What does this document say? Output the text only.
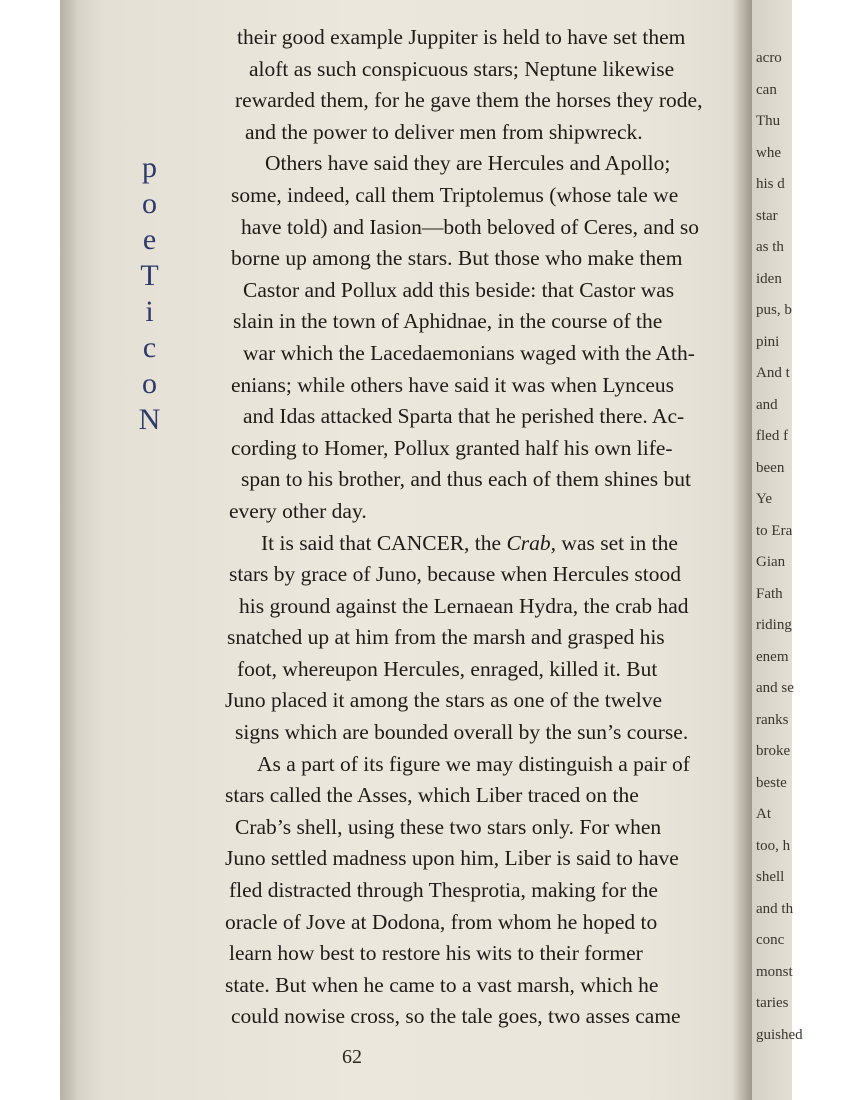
p
o
e
T
i
c
o
N
their good example Juppiter is held to have set them
aloft as such conspicuous stars; Neptune likewise
rewarded them, for he gave them the horses they rode,
and the power to deliver men from shipwreck.
Others have said they are Hercules and Apollo;
some, indeed, call them Triptolemus (whose tale we
have told) and Iasion—both beloved of Ceres, and so
borne up among the stars. But those who make them
Castor and Pollux add this beside: that Castor was
slain in the town of Aphidnae, in the course of the
war which the Lacedaemonians waged with the Ath-
enians; while others have said it was when Lynceus
and Idas attacked Sparta that he perished there. Ac-
cording to Homer, Pollux granted half his own life-
span to his brother, and thus each of them shines but
every other day.
It is said that CANCER, the Crab, was set in the
stars by grace of Juno, because when Hercules stood
his ground against the Lernaean Hydra, the crab had
snatched up at him from the marsh and grasped his
foot, whereupon Hercules, enraged, killed it. But
Juno placed it among the stars as one of the twelve
signs which are bounded overall by the sun’s course.
As a part of its figure we may distinguish a pair of
stars called the Asses, which Liber traced on the
Crab’s shell, using these two stars only. For when
Juno settled madness upon him, Liber is said to have
fled distracted through Thesprotia, making for the
oracle of Jove at Dodona, from whom he hoped to
learn how best to restore his wits to their former
state. But when he came to a vast marsh, which he
could nowise cross, so the tale goes, two asses came
62
acro
can
Thu
whe
his d
star
as th
iden
pus, b
pini
And t
and
fled f
been
Ye
to Era
Gian
Fath
riding
enem
and se
ranks
broke
beste
At
too, h
shell
and th
conc
monst
taries
guished
